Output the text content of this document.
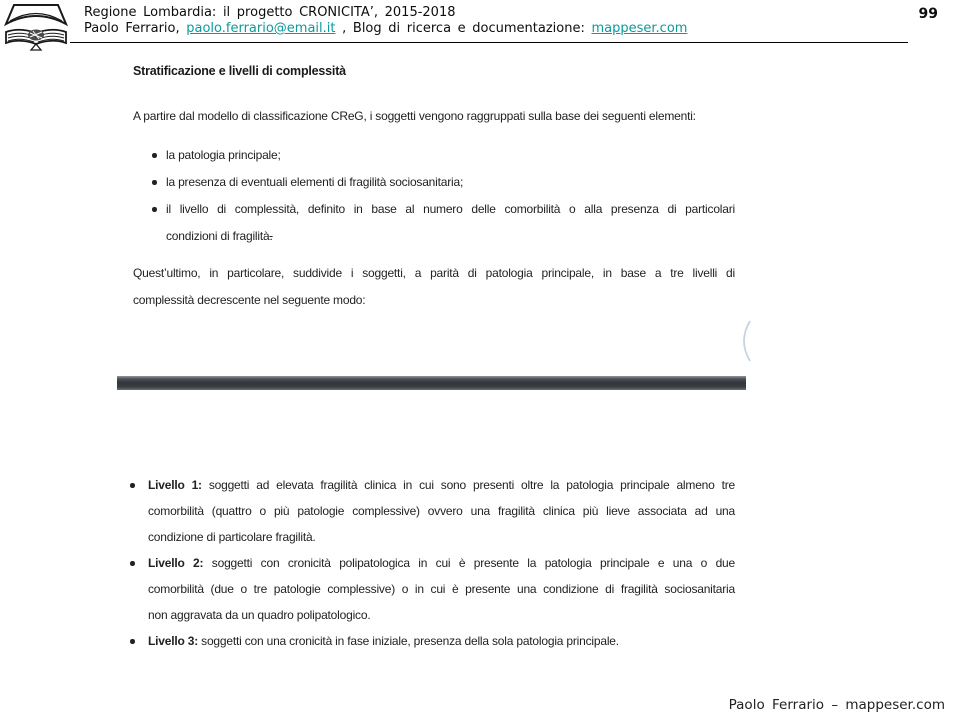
Regione Lombardia: il progetto CRONICITA’, 2015-2018
Paolo Ferrario, paolo.ferrario@email.it , Blog di ricerca e documentazione: mappeser.com
99
Stratificazione e livelli di complessità
A partire dal modello di classificazione CReG, i soggetti vengono raggruppati sulla base dei seguenti elementi:
la patologia principale;
la presenza di eventuali elementi di fragilità sociosanitaria;
il livello di complessità, definito in base al numero delle comorbilità o alla presenza di particolari
condizioni di fragilità.
Quest’ultimo, in particolare, suddivide i soggetti, a parità di patologia principale, in base a tre livelli di
complessità decrescente nel seguente modo:
Livello 1: soggetti ad elevata fragilità clinica in cui sono presenti oltre la patologia principale almeno tre
comorbilità (quattro o più patologie complessive) ovvero una fragilità clinica più lieve associata ad una
condizione di particolare fragilità.
Livello 2: soggetti con cronicità polipatologica in cui è presente la patologia principale e una o due
comorbilità (due o tre patologie complessive) o in cui è presente una condizione di fragilità sociosanitaria
non aggravata da un quadro polipatologico.
Livello 3: soggetti con una cronicità in fase iniziale, presenza della sola patologia principale.
Paolo Ferrario – mappeser.com
